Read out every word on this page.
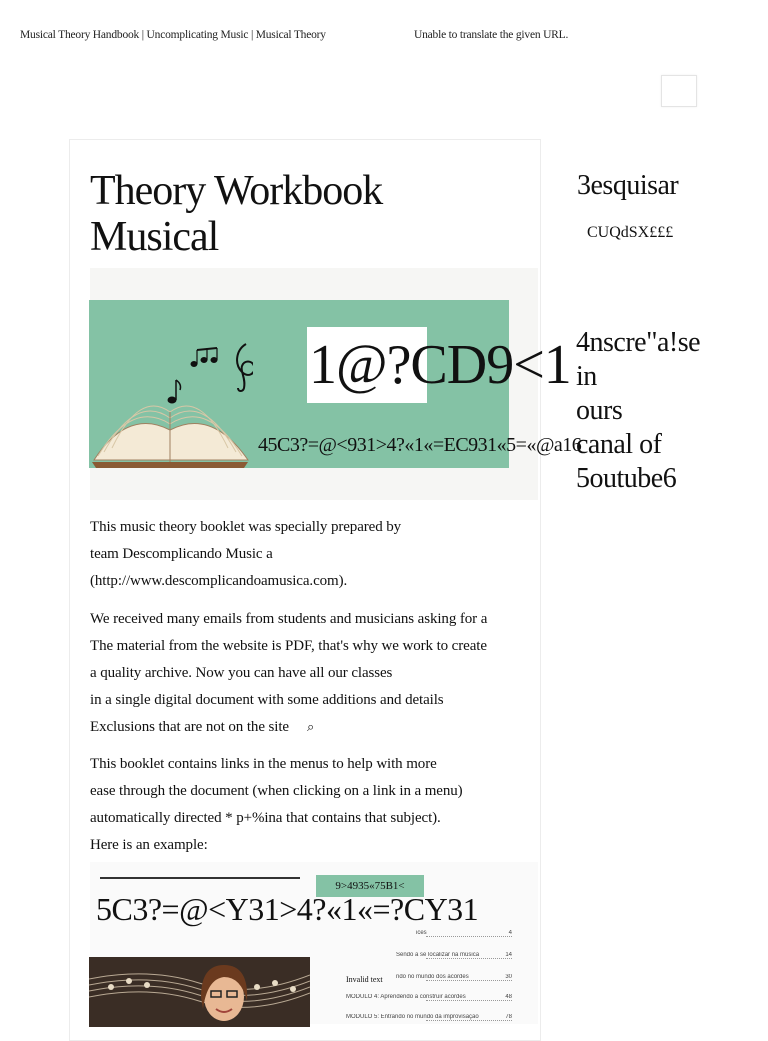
Musical Theory Handbook | Uncomplicating Music | Musical Theory	Unable to translate the given URL.
Theory Workbook
Musical
1@?CD9<1
45C3?=@<931>4?«1«=EC931«5=«@a16
This music theory booklet was specially prepared by
team Descomplicando Music a
(http://www.descomplicandoamusica.com).
We received many emails from students and musicians asking for a
The material from the website is PDF, that's why we work to create
a quality archive. Now you can have all our classes
in a single digital document with some additions and details
Exclusions that are not on the site ⌕
This booklet contains links in the menus to help with more
ease through the document (when clicking on a link in a menu)
automatically directed * p+%ina that contains that subject).
Here is an example:
9>4935«75B1<
5C3?=@<Y31>4?«1«=?CY31
ices	4
Sendo a se localizar na música	14
ndo no mundo dos acordes	30
MÓDULO 4: Aprendendo a construir acordes	48
MÓDULO 5: Entrando no mundo da improvisação	78
Invalid text
3esquisar
CUQdSX£££
4nscre"a!se
in
ours
canal of
5outube6
